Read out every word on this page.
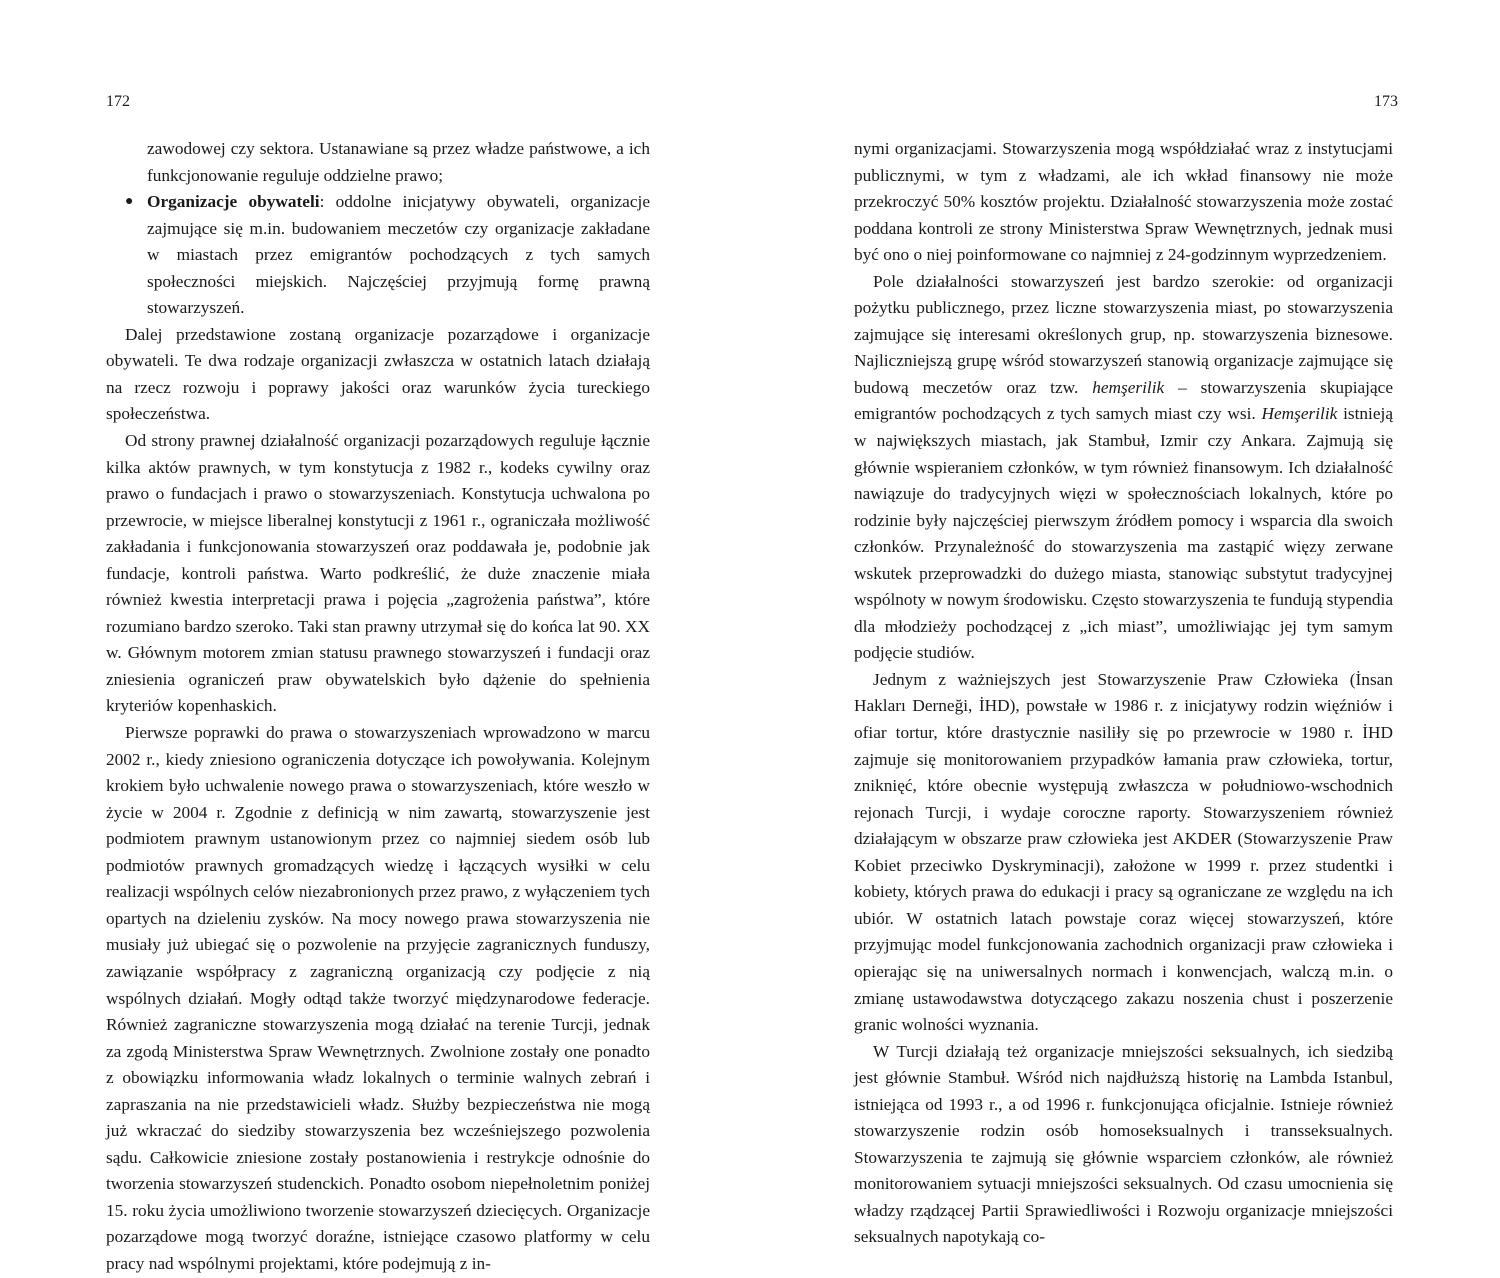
172

zawodowej czy sektora. Ustanawiane są przez władze państwowe, a ich funkcjonowanie reguluje oddzielne prawo;

● Organizacje obywateli: oddolne inicjatywy obywateli, organizacje zajmujące się m.in. budowaniem meczetów czy organizacje zakładane w miastach przez emigrantów pochodzących z tych samych społeczności miejskich. Najczęściej przyjmują formę prawną stowarzyszeń.

Dalej przedstawione zostaną organizacje pozarządowe i organizacje obywateli. Te dwa rodzaje organizacji zwłaszcza w ostatnich latach działają na rzecz rozwoju i poprawy jakości oraz warunków życia tureckiego społeczeństwa.

Od strony prawnej działalność organizacji pozarządowych reguluje łącznie kilka aktów prawnych, w tym konstytucja z 1982 r., kodeks cywilny oraz prawo o fundacjach i prawo o stowarzyszeniach. Konstytucja uchwalona po przewrocie, w miejsce liberalnej konstytucji z 1961 r., ograniczała możliwość zakładania i funkcjonowania stowarzyszeń oraz poddawała je, podobnie jak fundacje, kontroli państwa. Warto podkreślić, że duże znaczenie miała również kwestia interpretacji prawa i pojęcia „zagrożenia państwa”, które rozumiano bardzo szeroko. Taki stan prawny utrzymał się do końca lat 90. XX w. Głównym motorem zmian statusu prawnego stowarzyszeń i fundacji oraz zniesienia ograniczeń praw obywatelskich było dążenie do spełnienia kryteriów kopenhaskich.

Pierwsze poprawki do prawa o stowarzyszeniach wprowadzono w marcu 2002 r., kiedy zniesiono ograniczenia dotyczące ich powoływania. Kolejnym krokiem było uchwalenie nowego prawa o stowarzyszeniach, które weszło w życie w 2004 r. Zgodnie z definicją w nim zawartą, stowarzyszenie jest podmiotem prawnym ustanowionym przez co najmniej siedem osób lub podmiotów prawnych gromadzących wiedzę i łączących wysiłki w celu realizacji wspólnych celów niezabronionych przez prawo, z wyłączeniem tych opartych na dzieleniu zysków. Na mocy nowego prawa stowarzyszenia nie musiały już ubiegać się o pozwolenie na przyjęcie zagranicznych funduszy, zawiązanie współpracy z zagraniczną organizacją czy podjęcie z nią wspólnych działań. Mogły odtąd także tworzyć międzynarodowe federacje. Również zagraniczne stowarzyszenia mogą działać na terenie Turcji, jednak za zgodą Ministerstwa Spraw Wewnętrznych. Zwolnione zostały one ponadto z obowiązku informowania władz lokalnych o terminie walnych zebrań i zapraszania na nie przedstawicieli władz. Służby bezpieczeństwa nie mogą już wkraczać do siedziby stowarzyszenia bez wcześniejszego pozwolenia sądu. Całkowicie zniesione zostały postanowienia i restrykcje odnośnie do tworzenia stowarzyszeń studenckich. Ponadto osobom niepełnoletnim poniżej 15. roku życia umożliwiono tworzenie stowarzyszeń dziecięcych. Organizacje pozarządowe mogą tworzyć doraźne, istniejące czasowo platformy w celu pracy nad wspólnymi projektami, które podejmują z in-

173

nymi organizacjami. Stowarzyszenia mogą współdziałać wraz z instytucjami publicznymi, w tym z władzami, ale ich wkład finansowy nie może przekroczyć 50% kosztów projektu. Działalność stowarzyszenia może zostać poddana kontroli ze strony Ministerstwa Spraw Wewnętrznych, jednak musi być ono o niej poinformowane co najmniej z 24-godzinnym wyprzedzeniem.

Pole działalności stowarzyszeń jest bardzo szerokie: od organizacji pożytku publicznego, przez liczne stowarzyszenia miast, po stowarzyszenia zajmujące się interesami określonych grup, np. stowarzyszenia biznesowe. Najliczniejszą grupę wśród stowarzyszeń stanowią organizacje zajmujące się budową meczetów oraz tzw. hemşerilik – stowarzyszenia skupiające emigrantów pochodzących z tych samych miast czy wsi. Hemşerilik istnieją w największych miastach, jak Stambuł, Izmir czy Ankara. Zajmują się głównie wspieraniem członków, w tym również finansowym. Ich działalność nawiązuje do tradycyjnych więzi w społecznościach lokalnych, które po rodzinie były najczęściej pierwszym źródłem pomocy i wsparcia dla swoich członków. Przynależność do stowarzyszenia ma zastąpić więzy zerwane wskutek przeprowadzki do dużego miasta, stanowiąc substytut tradycyjnej wspólnoty w nowym środowisku. Często stowarzyszenia te fundują stypendia dla młodzieży pochodzącej z „ich miast”, umożliwiając jej tym samym podjęcie studiów.

Jednym z ważniejszych jest Stowarzyszenie Praw Człowieka (İnsan Hakları Derneği, İHD), powstałe w 1986 r. z inicjatywy rodzin więźniów i ofiar tortur, które drastycznie nasiliły się po przewrocie w 1980 r. İHD zajmuje się monitorowaniem przypadków łamania praw człowieka, tortur, zniknięć, które obecnie występują zwłaszcza w południowo-wschodnich rejonach Turcji, i wydaje coroczne raporty. Stowarzyszeniem również działającym w obszarze praw człowieka jest AKDER (Stowarzyszenie Praw Kobiet przeciwko Dyskryminacji), założone w 1999 r. przez studentki i kobiety, których prawa do edukacji i pracy są ograniczane ze względu na ich ubiór. W ostatnich latach powstaje coraz więcej stowarzyszeń, które przyjmując model funkcjonowania zachodnich organizacji praw człowieka i opierając się na uniwersalnych normach i konwencjach, walczą m.in. o zmianę ustawodawstwa dotyczącego zakazu noszenia chust i poszerzenie granic wolności wyznania.

W Turcji działają też organizacje mniejszości seksualnych, ich siedzibą jest głównie Stambuł. Wśród nich najdłuższą historię na Lambda Istanbul, istniejąca od 1993 r., a od 1996 r. funkcjonująca oficjalnie. Istnieje również stowarzyszenie rodzin osób homoseksualnych i transseksualnych. Stowarzyszenia te zajmują się głównie wsparciem członków, ale również monitorowaniem sytuacji mniejszości seksualnych. Od czasu umocnienia się władzy rządzącej Partii Sprawiedliwości i Rozwoju organizacje mniejszości seksualnych napotykają co-
